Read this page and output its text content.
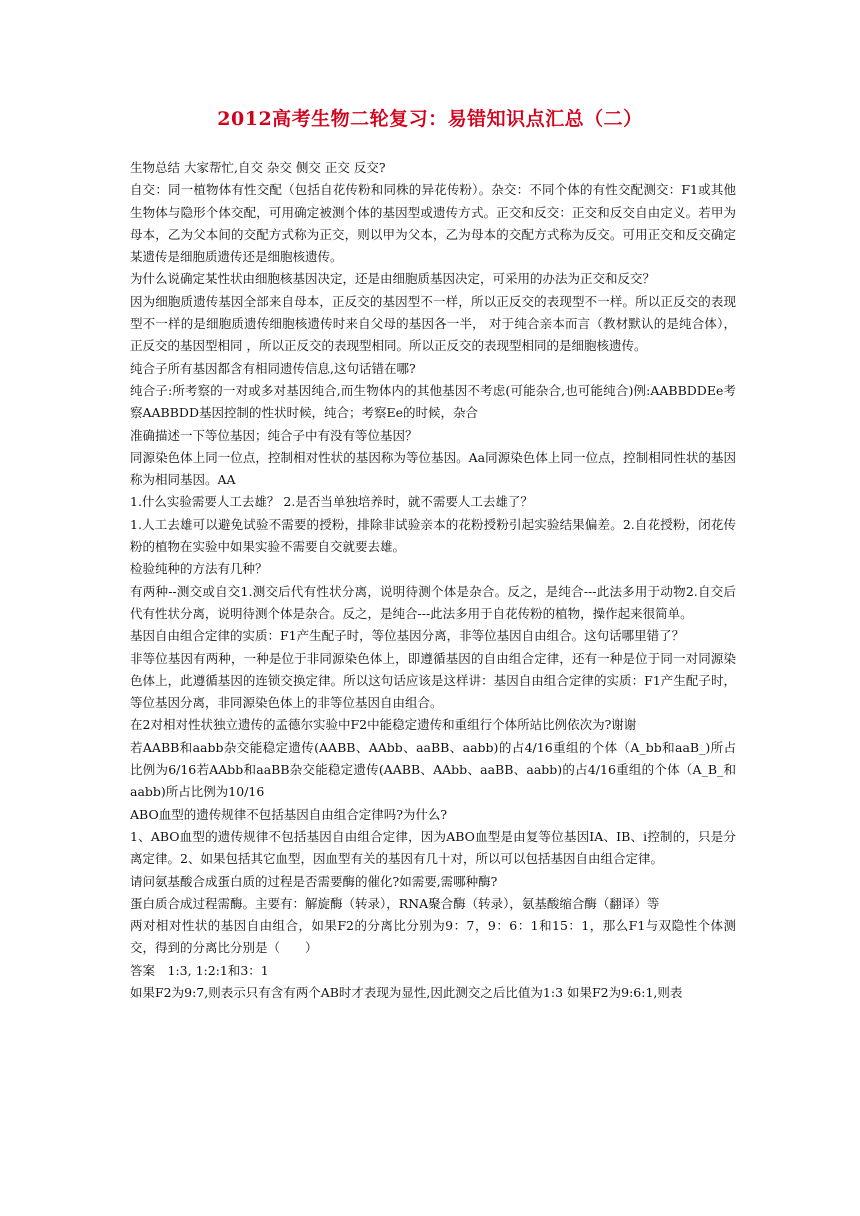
2012高考生物二轮复习：易错知识点汇总（二）

生物总结 大家帮忙,自交 杂交 侧交 正交 反交?

自交：同一植物体有性交配（包括自花传粉和同株的异花传粉）。杂交：不同个体的有性交配测交：F1或其他生物体与隐形个体交配，可用确定被测个体的基因型或遗传方式。正交和反交：正交和反交自由定义。若甲为母本，乙为父本间的交配方式称为正交，则以甲为父本，乙为母本的交配方式称为反交。可用正交和反交确定某遗传是细胞质遗传还是细胞核遗传。

为什么说确定某性状由细胞核基因决定，还是由细胞质基因决定，可采用的办法为正交和反交？

因为细胞质遗传基因全部来自母本，正反交的基因型不一样，所以正反交的表现型不一样。所以正反交的表现型不一样的是细胞质遗传细胞核遗传时来自父母的基因各一半， 对于纯合亲本而言（教材默认的是纯合体），正反交的基因型相同 ，所以正反交的表现型相同。所以正反交的表现型相同的是细胞核遗传。

纯合子所有基因都含有相同遗传信息,这句话错在哪?

纯合子:所考察的一对或多对基因纯合,而生物体内的其他基因不考虑(可能杂合,也可能纯合)例:AABBDDEe考察AABBDD基因控制的性状时候，纯合；考察Ee的时候，杂合

准确描述一下等位基因；纯合子中有没有等位基因？

同源染色体上同一位点，控制相对性状的基因称为等位基因。Aa同源染色体上同一位点，控制相同性状的基因称为相同基因。AA

1.什么实验需要人工去雄？ 2.是否当单独培养时，就不需要人工去雄了？

1.人工去雄可以避免试验不需要的授粉，排除非试验亲本的花粉授粉引起实验结果偏差。2.自花授粉，闭花传粉的植物在实验中如果实验不需要自交就要去雄。

检验纯种的方法有几种？

有两种--测交或自交1.测交后代有性状分离，说明待测个体是杂合。反之，是纯合---此法多用于动物2.自交后代有性状分离，说明待测个体是杂合。反之，是纯合---此法多用于自花传粉的植物，操作起来很简单。

基因自由组合定律的实质：F1产生配子时，等位基因分离，非等位基因自由组合。这句话哪里错了？

非等位基因有两种，一种是位于非同源染色体上，即遵循基因的自由组合定律，还有一种是位于同一对同源染色体上，此遵循基因的连锁交换定律。所以这句话应该是这样讲：基因自由组合定律的实质：F1产生配子时，等位基因分离，非同源染色体上的非等位基因自由组合。

在2对相对性状独立遗传的孟德尔实验中F2中能稳定遗传和重组行个体所站比例依次为?谢谢

若AABB和aabb杂交能稳定遗传(AABB、AAbb、aaBB、aabb)的占4/16重组的个体（A_bb和aaB_)所占比例为6/16若AAbb和aaBB杂交能稳定遗传(AABB、AAbb、aaBB、aabb)的占4/16重组的个体（A_B_和aabb)所占比例为10/16

ABO血型的遗传规律不包括基因自由组合定律吗?为什么?

1、ABO血型的遗传规律不包括基因自由组合定律，因为ABO血型是由复等位基因IA、IB、i控制的，只是分离定律。2、如果包括其它血型，因血型有关的基因有几十对，所以可以包括基因自由组合定律。

请问氨基酸合成蛋白质的过程是否需要酶的催化?如需要,需哪种酶?

蛋白质合成过程需酶。主要有：解旋酶（转录），RNA聚合酶（转录），氨基酸缩合酶（翻译）等

两对相对性状的基因自由组合，如果F2的分离比分别为9：7，9：6：1和15：1，那么F1与双隐性个体测交，得到的分离比分别是（　　）

答案　1:3, 1:2:1和3：1

如果F2为9:7,则表示只有含有两个AB时才表现为显性,因此测交之后比值为1:3 如果F2为9:6:1,则表
